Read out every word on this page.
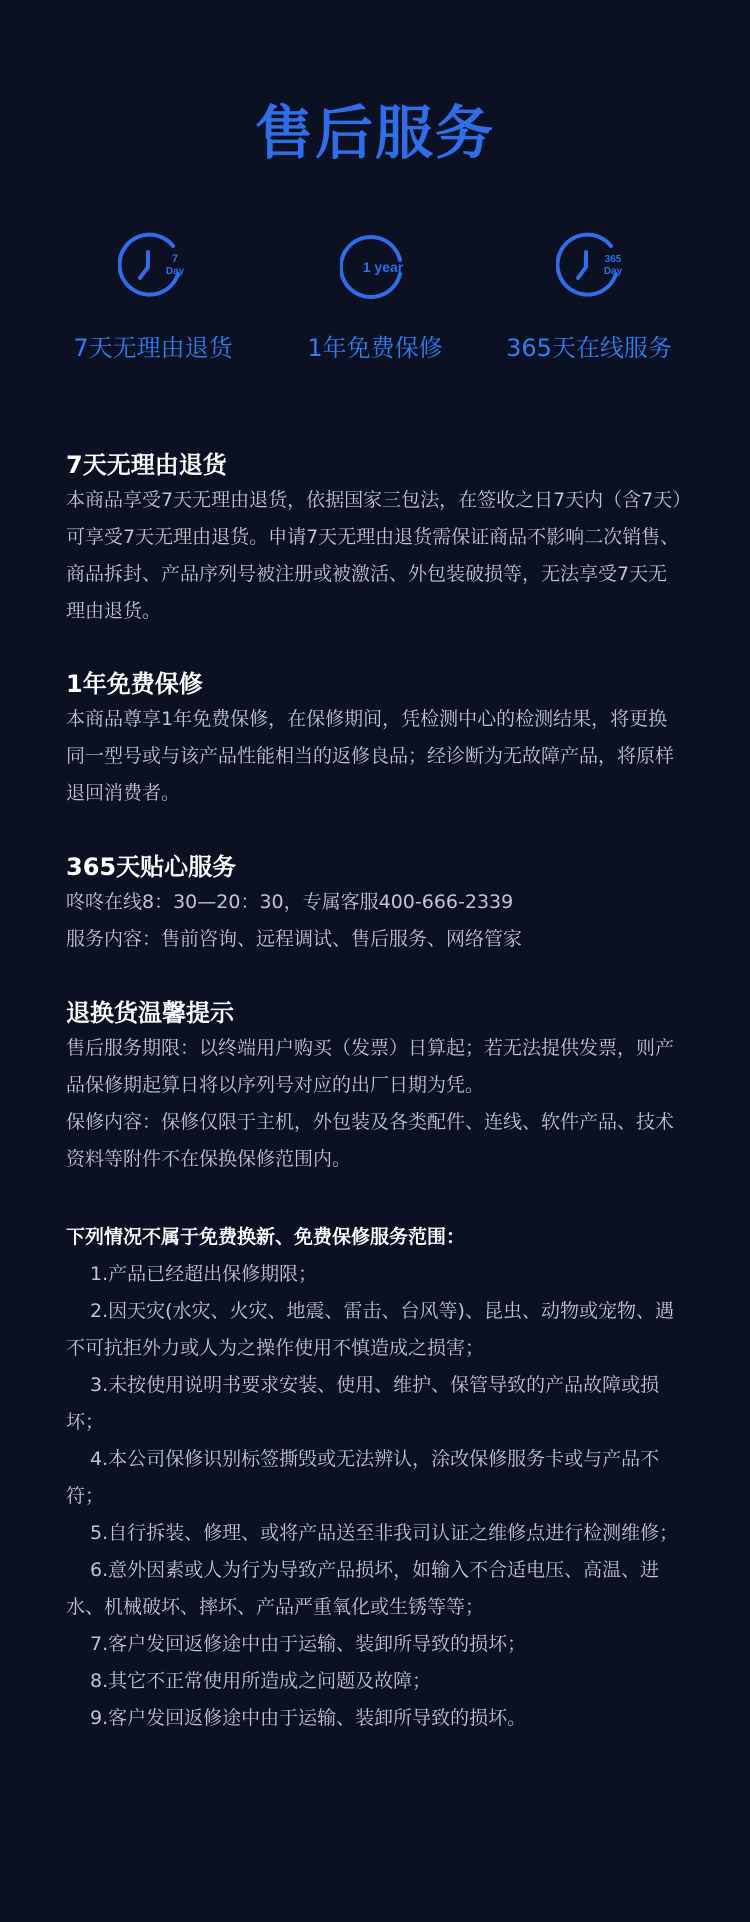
售后服务
7
Day
7天无理由退货
1 year
1年免费保修
365
Day
365天在线服务
7天无理由退货

本商品享受7天无理由退货，依据国家三包法，在签收之日7天内（含7天）可享受7天无理由退货。申请7天无理由退货需保证商品不影响二次销售、商品拆封、产品序列号被注册或被激活、外包装破损等，无法享受7天无理由退货。

1年免费保修

本商品尊享1年免费保修，在保修期间，凭检测中心的检测结果，将更换同一型号或与该产品性能相当的返修良品；经诊断为无故障产品，将原样退回消费者。

365天贴心服务

咚咚在线8：30—20：30，专属客服400-666-2339

服务内容：售前咨询、远程调试、售后服务、网络管家

退换货温馨提示

售后服务期限：以终端用户购买（发票）日算起；若无法提供发票，则产品保修期起算日将以序列号对应的出厂日期为凭。

保修内容：保修仅限于主机，外包装及各类配件、连线、软件产品、技术资料等附件不在保换保修范围内。

下列情况不属于免费换新、免费保修服务范围：
1.产品已经超出保修期限；
2.因天灾(水灾、火灾、地震、雷击、台风等)、昆虫、动物或宠物、遇不可抗拒外力或人为之操作使用不慎造成之损害；
3.未按使用说明书要求安装、使用、维护、保管导致的产品故障或损坏；
4.本公司保修识别标签撕毁或无法辨认，涂改保修服务卡或与产品不符；
5.自行拆装、修理、或将产品送至非我司认证之维修点进行检测维修；
6.意外因素或人为行为导致产品损坏，如输入不合适电压、高温、进水、机械破坏、摔坏、产品严重氧化或生锈等等；
7.客户发回返修途中由于运输、装卸所导致的损坏；
8.其它不正常使用所造成之问题及故障；
9.客户发回返修途中由于运输、装卸所导致的损坏。
